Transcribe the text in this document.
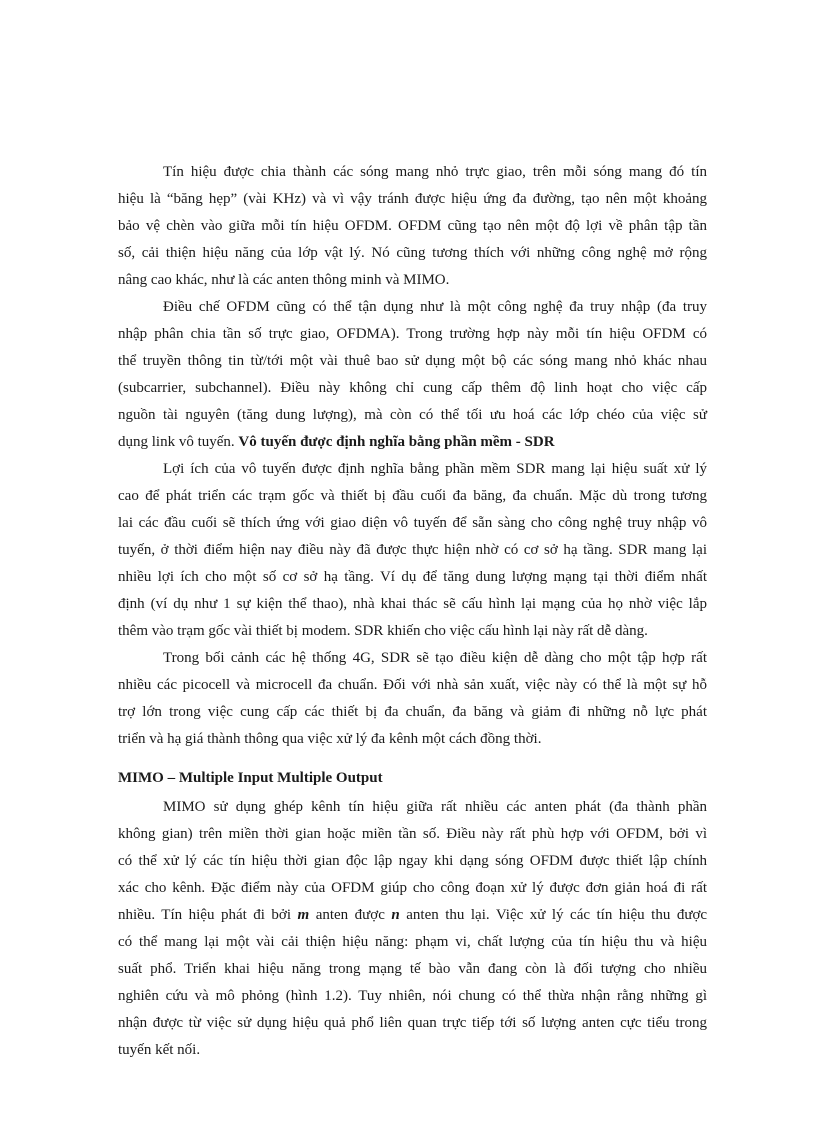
Tín hiệu được chia thành các sóng mang nhỏ trực giao, trên mỗi sóng mang đó tín
hiệu là “băng hẹp” (vài KHz) và vì vậy tránh được hiệu ứng đa đường, tạo nên một khoảng
bảo vệ chèn vào giữa mỗi tín hiệu OFDM. OFDM cũng tạo nên một độ lợi về phân tập tần
số, cải thiện hiệu năng của lớp vật lý. Nó cũng tương thích với những công nghệ mở rộng
nâng cao khác, như là các anten thông minh và MIMO.
Điều chế OFDM cũng có thể tận dụng như là một công nghệ đa truy nhập (đa truy
nhập phân chia tần số trực giao, OFDMA). Trong trường hợp này mỗi tín hiệu OFDM có
thể truyền thông tin từ/tới một vài thuê bao sử dụng một bộ các sóng mang nhỏ khác nhau
(subcarrier, subchannel). Điều này không chỉ cung cấp thêm độ linh hoạt cho việc cấp
nguồn tài nguyên (tăng dung lượng), mà còn có thể tối ưu hoá các lớp chéo của việc sử
dụng link vô tuyến. Vô tuyến được định nghĩa bằng phần mềm - SDR
Lợi ích của vô tuyến được định nghĩa bằng phần mềm SDR mang lại hiệu suất xử lý
cao để phát triển các trạm gốc và thiết bị đầu cuối đa băng, đa chuẩn. Mặc dù trong tương
lai các đầu cuối sẽ thích ứng với giao diện vô tuyến để sẵn sàng cho công nghệ truy nhập vô
tuyến, ở thời điểm hiện nay điều này đã được thực hiện nhờ có cơ sở hạ tầng. SDR mang lại
nhiều lợi ích cho một số cơ sở hạ tầng. Ví dụ để tăng dung lượng mạng tại thời điểm nhất
định (ví dụ như 1 sự kiện thể thao), nhà khai thác sẽ cấu hình lại mạng của họ nhờ việc lắp
thêm vào trạm gốc vài thiết bị modem. SDR khiến cho việc cấu hình lại này rất dễ dàng.
Trong bối cảnh các hệ thống 4G, SDR sẽ tạo điều kiện dễ dàng cho một tập hợp rất
nhiều các picocell và microcell đa chuẩn. Đối với nhà sản xuất, việc này có thể là một sự hỗ
trợ lớn trong việc cung cấp các thiết bị đa chuẩn, đa băng và giảm đi những nỗ lực phát
triển và hạ giá thành thông qua việc xử lý đa kênh một cách đồng thời.
MIMO – Multiple Input Multiple Output
MIMO sử dụng ghép kênh tín hiệu giữa rất nhiều các anten phát (đa thành phần
không gian) trên miền thời gian hoặc miền tần số. Điều này rất phù hợp với OFDM, bởi vì
có thể xử lý các tín hiệu thời gian độc lập ngay khi dạng sóng OFDM được thiết lập chính
xác cho kênh. Đặc điểm này của OFDM giúp cho công đoạn xử lý được đơn giản hoá đi rất
nhiều. Tín hiệu phát đi bởi m anten được n anten thu lại. Việc xử lý các tín hiệu thu được
có thể mang lại một vài cải thiện hiệu năng: phạm vi, chất lượng của tín hiệu thu và hiệu
suất phổ. Triển khai hiệu năng trong mạng tế bào vẫn đang còn là đối tượng cho nhiều
nghiên cứu và mô phỏng (hình 1.2). Tuy nhiên, nói chung có thể thừa nhận rằng những gì
nhận được từ việc sử dụng hiệu quả phổ liên quan trực tiếp tới số lượng anten cực tiểu trong
tuyến kết nối.
